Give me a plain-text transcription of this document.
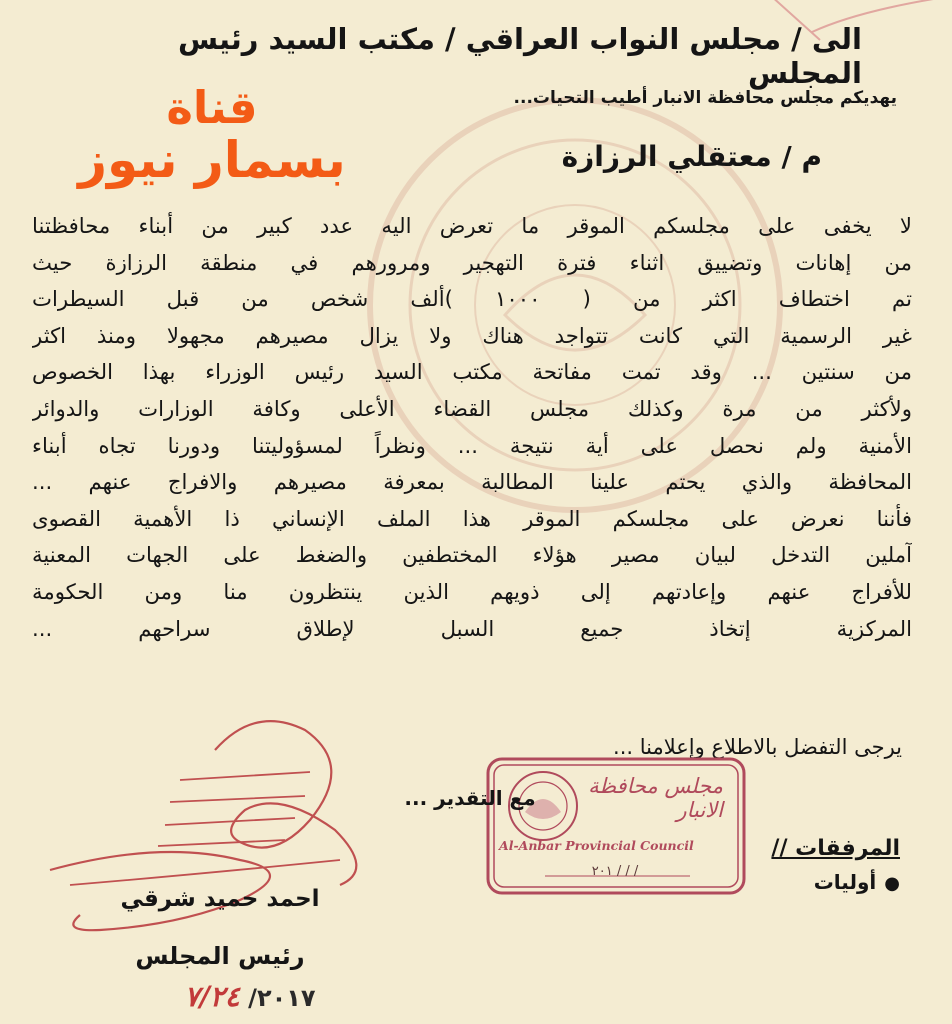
الى / مجلس النواب العراقي / مكتب السيد رئيس المجلس
يهديكم مجلس محافظة الانبار أطيب التحيات...
قناة
بسمار نيوز	م / معتقلي الرزازة
لا يخفى على مجلسكم الموقر ما تعرض اليه عدد كبير من أبناء محافظتنا
من إهانات وتضييق اثناء فترة التهجير ومرورهم في منطقة الرزازة حيث
تم اختطاف اكثر من ( ١٠٠٠ )ألف شخص من قبل السيطرات
غير الرسمية التي كانت تتواجد هناك ولا يزال مصيرهم مجهولا ومنذ اكثر
من سنتين ... وقد تمت مفاتحة مكتب السيد رئيس الوزراء بهذا الخصوص
ولأكثر من مرة وكذلك مجلس القضاء الأعلى وكافة الوزارات والدوائر
الأمنية ولم نحصل على أية نتيجة ... ونظراً لمسؤوليتنا ودورنا تجاه أبناء
المحافظة والذي يحتم علينا المطالبة بمعرفة مصيرهم والافراج عنهم ...
فأننا نعرض على مجلسكم الموقر هذا الملف الإنساني ذا الأهمية القصوى
آملين التدخل لبيان مصير هؤلاء المختطفين والضغط على الجهات المعنية
للأفراج عنهم وإعادتهم إلى ذويهم الذين ينتظرون منا ومن الحكومة
المركزية إتخاذ جميع السبل لإطلاق سراحهم ...
يرجى التفضل بالاطلاع وإعلامنا ...
مجلس محافظة الانبار
Al-Anbar Provincial Council
٢٠١ / / /
مع التقدير ...
المرفقات //
●أوليات
احمد حميد شرقي
رئيس المجلس
٢٠١٧/ ٧/٢٤
